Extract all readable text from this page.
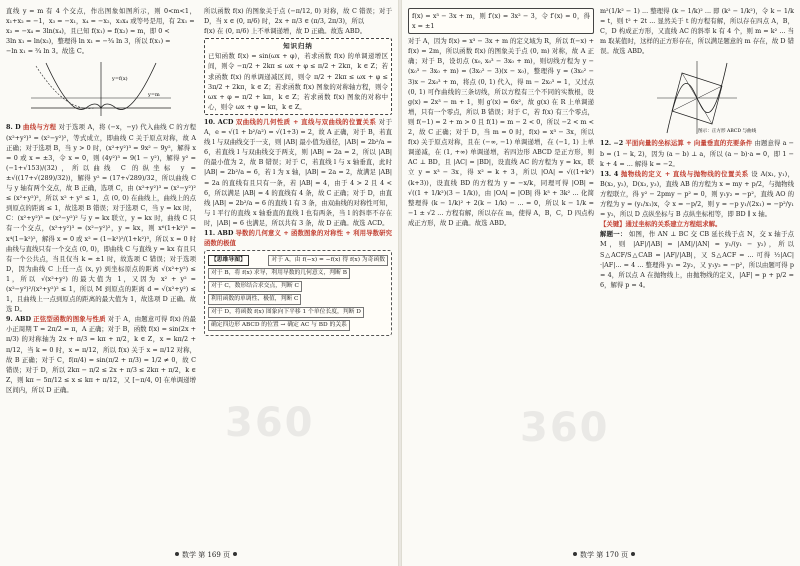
直线 y = m 有 4 个交点，作出图象如图所示，则 0<m<1，x₁+x₂ = −1，x₃ = −x₁，x₄ = −x₂，x₃x₄ 或等号是用，有 2x₁ =

x₃ = −x₄ = 3ln(x₄)，且已知 f(x₁) = f(x₂) = m，即 0 <

3ln x₁ = ln(x₂)，整理得 ln x₁ = −¾ ln 3，所以 f(x₁) =

−ln x₁ = ¾ ln 3。故选 C。

y=f(x)
y=m

8. D 曲线与方程 对于选项 A，将 (−x，−y) 代入曲线 C 的方程 (x²+y²)³ = (x²−y²)²，等式成立，即曲线 C 关于原点对称，故 A 正确；对于选项 B，当 y > 0 时，(x²+y²)³ = 9x² − 9y²，解得 x = 0 或 x = ±3，令 x = 0，则 (4y²)³ = 9(1 − y²)，解得 y² = (−1+√153)/(32)，所以曲线 C 的纵坐标 y = ±√((17+√(289)/32))，解得 y² = (17+√289)/32，所以曲线 C 与 y 轴有两个交点，故 B 正确，选项 C，由 (x²+y²)³ = (x²−y²)² ≤ (x²+y²)²，所以 x² + y² ≤ 1，点 (0, 0) 在曲线上，曲线上的点到原点的距离 ≤ 1，故选项 B 错误；对于选项 C，当 y = kx 时，C：(x²+y²)³ = (x²−y²)² 与 y = kx 联立，y = kx 时，曲线 C 只有一个交点，(x²+y²)³ = (x²−y²)²，y = kx，则 x⁶(1+k²)³ = x⁴(1−k²)²，解得 x = 0 或 x² = (1−k²)²/(1+k²)³，所以 x = 0 时曲线与直线只有一个交点 (0, 0)，即曲线 C 与直线 y = kx 有且只有一个公共点，当且仅当 k = ±1 时，故选项 C 错误；对于选项 D，因为曲线 C 上任一点 (x, y) 到坐标原点的距离 √(x²+y²) ≤ 1，所以 √(x²+y²) 的最大值为 1，又因为 x² + y² = (x²−y²)²/(x²+y²)² ≤ 1，所以 M 到原点的距离 d = √(x²+y²) ≤ 1，且曲线上一点到原点的距离的最大值为 1，故选项 D 正确。故选 D。

9. ABD 正弦型函数的图象与性质 对于 A，由题意可得 f(x) 的最小正周期 T = 2π/2 = π，A 正确；对于 B，函数 f(x) = sin(2x + π/3) 的对称轴为 2x + π/3 = kπ + π/2，k ∈ Z，x = kπ/2 + π/12，当 k = 0 时，x = π/12，所以 f(x) 关于 x = π/12 对称，故 B 正确；对于 C，f(π/4) = sin(π/2 + π/3) = 1/2 ≠ 0，故 C 错误；对于 D，所以 2kπ − π/2 ≤ 2x + π/3 ≤ 2kπ + π/2，k ∈ Z，则 kπ − 5π/12 ≤ x ≤ kπ + π/12，又 [−π/4, 0] 在单调递增区间内，所以 D 正确。

所以函数 f(x) 的图象关于点 (−π/12, 0) 对称，故 C 错误；对于 D，当 x ∈ (0, π/6) 时，2x + π/3 ∈ (π/3, 2π/3)，所以

f(x) 在 (0, π/6) 上不单调递增，故 D 正确。故选 ABD。

知识归纳

已知函数 f(x) = sin(ωx + φ)，若求函数 f(x) 的单调递增区间，则令 −π/2 + 2kπ ≤ ωx + φ ≤ π/2 + 2kπ，k ∈ Z；若求函数 f(x) 的单调递减区间，则令 π/2 + 2kπ ≤ ωx + φ ≤ 3π/2 + 2kπ，k ∈ Z；若求函数 f(x) 图象的对称轴方程，则令 ωx + φ = π/2 + kπ，k ∈ Z；若求函数 f(x) 图象的对称中心，则令 ωx + φ = kπ，k ∈ Z。

10. ACD 双曲线的几何性质 + 直线与双曲线的位置关系 对于 A，e = √(1 + b²/a²) = √(1+3) = 2，故 A 正确，对于 B，若直线 l 与双曲线交于一支，则 |AB| 最小值为通径，|AB| = 2b²/a = 6，若直线 l 与双曲线交于两支，则 |AB| = 2a = 2，所以 |AB| 的最小值为 2，故 B 错误；对于 C，若直线 l 与 x 轴垂直，此时 |AB| = 2b²/a = 6，若 l 为 x 轴，|AB| = 2a = 2，故满足 |AB| = 2a 的直线有且只有一条，若 |AB| = 4，由于 4 > 2 且 4 < 6，所以满足 |AB| = 4 的直线有 4 条，故 C 正确；对于 D，由直线 |AB| = 2b²/a = 6 的直线 l 有 3 条，由双曲线的对称性可知，与 l 平行的直线 x 轴垂直的直线 l 也有两条，当 l 的斜率不存在时，|AB| = 6 也满足，所以共有 3 条，故 D 正确。故选 ACD。

11. ABD 导数的几何意义 + 函数图象的对称性 + 利用导数研究函数的极值

【思维导图】	对于 A，由 f(−x) = −f(x) 得 f(x) 为奇函数 对于 B，将 f(x) 求导，利用导数的几何意义，判断 B 对于 C，数形结合求交点，判断 C 利用函数的单调性、极值，判断 C 对于 D，将函数 f(x) 图象向下平移 1 个单位长度，判断 D 确定四边形 ABCD 的位置 → 确定 AC 与 BD 的关系
数学 第 169 页
f(x) = x³ − 3x + m，则 f′(x) = 3x² − 3，令 f′(x) = 0，得 x = ±1

对于 A，因为 f(x) = x³ − 3x + m 的定义域为 R，所以 f(−x) + f(x) = 2m，所以函数 f(x) 的图象关于点 (0, m) 对称，故 A 正确；对于 B，设切点 (x₀, x₀³ − 3x₀ + m)，则切线方程为 y − (x₀³ − 3x₀ + m) = (3x₀² − 3)(x − x₀)，整理得 y = (3x₀² − 3)x − 2x₀³ + m，将点 (0, 1) 代入，得 m − 2x₀³ = 1，又过点 (0, 1) 可作曲线的三条切线，所以方程有三个不同的实数根，设 g(x) = 2x³ − m + 1，则 g′(x) = 6x²，故 g(x) 在 R 上单调递增，只有一个零点，所以 B 错误；对于 C，若 f(x) 有三个零点，则 f(−1) = 2 + m > 0 且 f(1) = m − 2 < 0，所以 −2 < m < 2，故 C 正确；对于 D，当 m = 0 时，f(x) = x³ − 3x，所以 f(x) 关于原点对称，且在 (−∞, −1) 单调递增，在 (−1, 1) 上单调递减，在 (1, +∞) 单调递增，若四边形 ABCD 是正方形，则 AC ⊥ BD，且 |AC| = |BD|，设直线 AC 的方程为 y = kx，联立 y = x³ − 3x，得 x² = k + 3，所以 |OA| = √((1+k²)(k+3))，设直线 BD 的方程为 y = −x/k，同理可得 |OB| = √((1 + 1/k²)(3 − 1/k))，由 |OA| = |OB| 得 k³ + 3k² ... 化简整理得 (k − 1/k)² + 2(k − 1/k) − ... = 0，所以 k − 1/k = −1 ± √2 ... 方程有解，所以存在 m，使得 A，B，C，D 四点构成正方形，故 D 正确。故选 ABD。

m²(1/k² − 1) ... 整理得 (k − 1/k)² ... 即 (k² − 1/k²)，令 k − 1/k = t，则 t² + 2t ... 显然关于 t 的方程有解，所以存在四点 A，B，C，D 构成正方形，又直线 AC 的斜率 k 有 4 个，则 m = k² ... 当 m 取某值时，这样的正方形存在，所以满足题意的 m 存在，故 D 错误。故选 ABD。

图示：正方形 ABCD 与曲线

12. −2 平面向量的坐标运算 + 向量垂直的充要条件 由题意得 a − b = (1 − k, 2)，因为 (a − b) ⊥ a，所以 (a − b)·a = 0，即 1 − k + 4 = ... 解得 k = −2。

13. 4 抛物线的定义 + 直线与抛物线的位置关系 设 A(x₁, y₁)，B(x₂, y₂)，D(x₃, y₃)，直线 AB 的方程为 x = my + p/2，与抛物线方程联立，得 y² − 2pmy − p² = 0，则 y₁y₂ = −p²，直线 AO 的方程为 y = (y₁/x₁)x，令 x = −p/2，则 y = −p y₁/(2x₁) = −p²/y₁ = y₂，所以 D 点纵坐标与 B 点纵坐标相等，即 BD ∥ x 轴。

【关键】通过坐标的关系建立方程组求解。

解题一： 如图，作 AN ⊥ BC 交 CB 延长线于点 N，交 x 轴于点 M，则 |AF|/|AB| = |AM|/|AN| = y₁/(y₁ − y₂)，所以 S△ACF/S△CAB = |AF|/|AB|，又 S△ACF = ... 可得 ½|AC|·|AF|... = 4 ... 整理得 y₁ = 2y₂，又 y₁y₂ = −p²，所以由题可得 p = 4，所以点 A 在抛物线上，由抛物线的定义，|AF| = p + p/2 = 6，解得 p = 4。

数学 第 170 页
